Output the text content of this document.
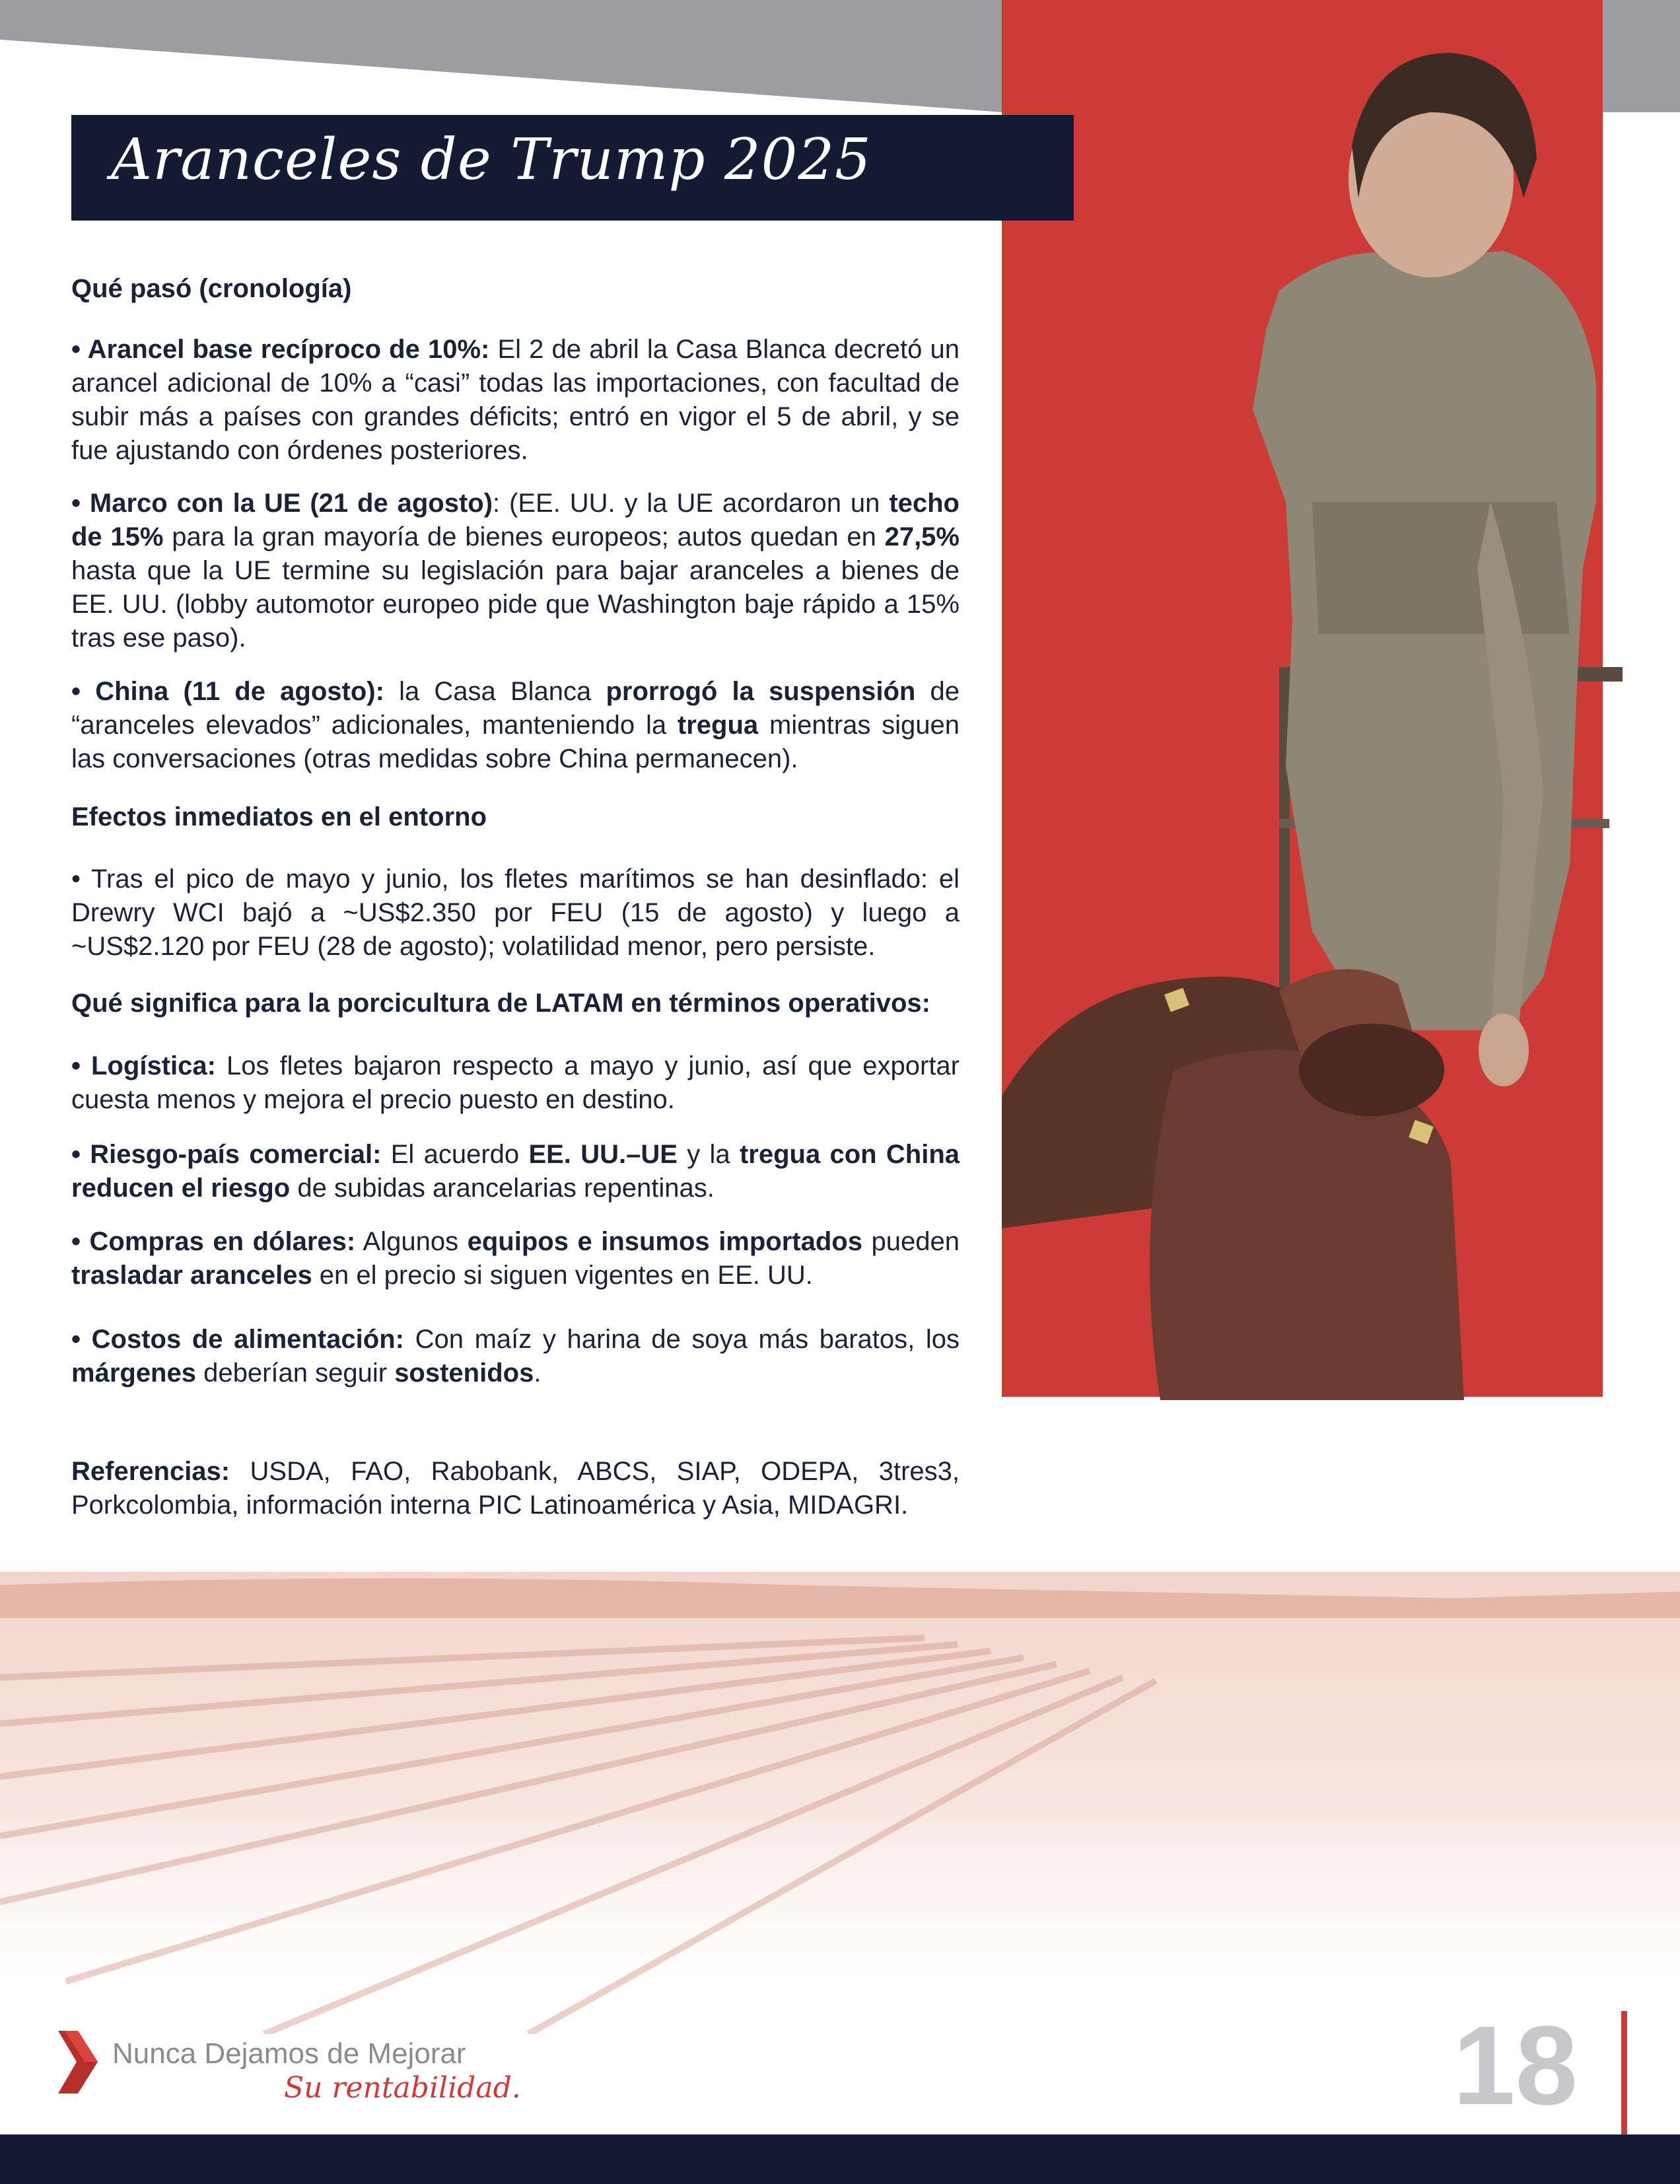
Aranceles de Trump 2025

Qué pasó (cronología)

• Arancel base recíproco de 10%: El 2 de abril la Casa Blanca decretó un arancel adicional de 10% a “casi” todas las importaciones, con facultad de subir más a países con grandes déficits; entró en vigor el 5 de abril, y se fue ajustando con órdenes posteriores.

• Marco con la UE (21 de agosto): (EE. UU. y la UE acordaron un techo de 15% para la gran mayoría de bienes europeos; autos quedan en 27,5% hasta que la UE termine su legislación para bajar aranceles a bienes de EE. UU. (lobby automotor europeo pide que Washington baje rápido a 15% tras ese paso).

• China (11 de agosto): la Casa Blanca prorrogó la suspensión de “aranceles elevados” adicionales, manteniendo la tregua mientras siguen las conversaciones (otras medidas sobre China permanecen).

Efectos inmediatos en el entorno

• Tras el pico de mayo y junio, los fletes marítimos se han desinflado: el Drewry WCI bajó a ~US$2.350 por FEU (15 de agosto) y luego a ~US$2.120 por FEU (28 de agosto); volatilidad menor, pero persiste.

Qué significa para la porcicultura de LATAM en términos operativos:

• Logística: Los fletes bajaron respecto a mayo y junio, así que exportar cuesta menos y mejora el precio puesto en destino.

• Riesgo-país comercial: El acuerdo EE. UU.–UE y la tregua con China reducen el riesgo de subidas arancelarias repentinas.

• Compras en dólares: Algunos equipos e insumos importados pueden trasladar aranceles en el precio si siguen vigentes en EE. UU.

• Costos de alimentación: Con maíz y harina de soya más baratos, los márgenes deberían seguir sostenidos.

Referencias: USDA, FAO, Rabobank, ABCS, SIAP, ODEPA, 3tres3, Porkcolombia, información interna PIC Latinoamérica y Asia, MIDAGRI.

Nunca Dejamos de Mejorar
Su rentabilidad.	18
